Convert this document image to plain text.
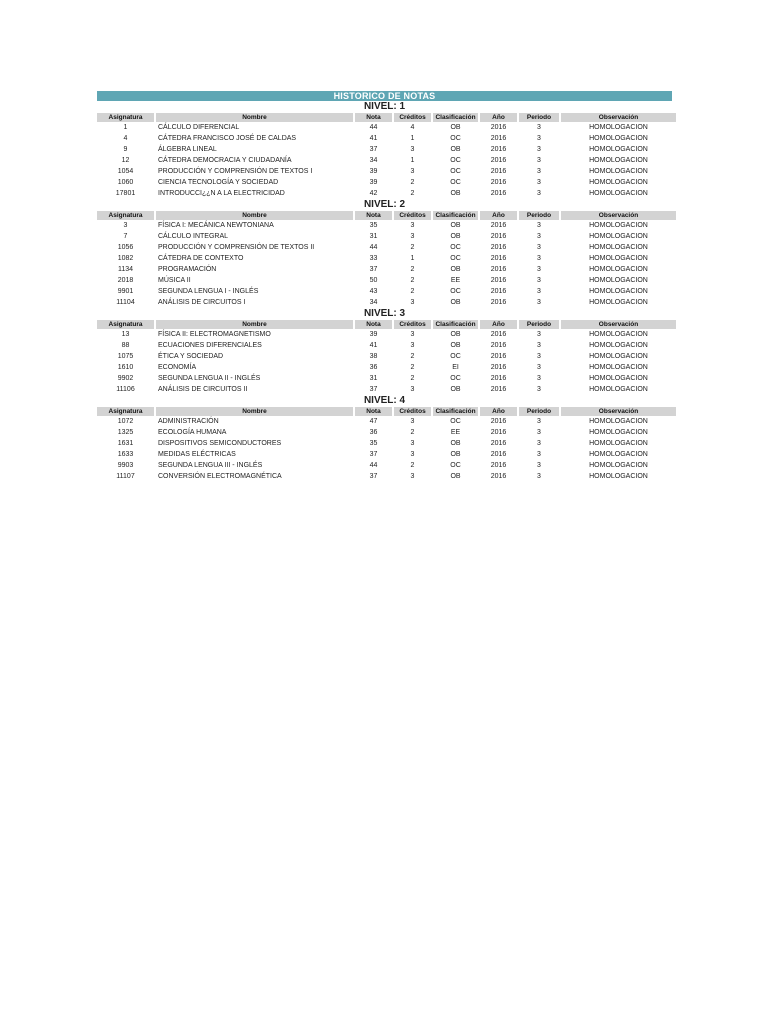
HISTORICO DE NOTAS
NIVEL: 1
Asignatura	Nombre	Nota	Créditos	Clasificación	Año	Periodo	Observación
1	CÁLCULO DIFERENCIAL	44	4	OB	2016	3	HOMOLOGACION
4	CÁTEDRA FRANCISCO JOSÉ DE CALDAS	41	1	OC	2016	3	HOMOLOGACION
9	ÁLGEBRA LINEAL	37	3	OB	2016	3	HOMOLOGACION
12	CÁTEDRA DEMOCRACIA Y CIUDADANÍA	34	1	OC	2016	3	HOMOLOGACION
1054	PRODUCCIÓN Y COMPRENSIÓN DE TEXTOS I	39	3	OC	2016	3	HOMOLOGACION
1060	CIENCIA TECNOLOGÍA Y SOCIEDAD	39	2	OC	2016	3	HOMOLOGACION
17801	INTRODUCCI¿¿N A LA ELECTRICIDAD	42	2	OB	2016	3	HOMOLOGACION
NIVEL: 2
Asignatura	Nombre	Nota	Créditos	Clasificación	Año	Periodo	Observación
3	FÍSICA I: MECÁNICA NEWTONIANA	35	3	OB	2016	3	HOMOLOGACION
7	CÁLCULO INTEGRAL	31	3	OB	2016	3	HOMOLOGACION
1056	PRODUCCIÓN Y COMPRENSIÓN DE TEXTOS II	44	2	OC	2016	3	HOMOLOGACION
1082	CÁTEDRA DE CONTEXTO	33	1	OC	2016	3	HOMOLOGACION
1134	PROGRAMACIÓN	37	2	OB	2016	3	HOMOLOGACION
2018	MÚSICA II	50	2	EE	2016	3	HOMOLOGACION
9901	SEGUNDA LENGUA I - INGLÉS	43	2	OC	2016	3	HOMOLOGACION
11104	ANÁLISIS DE CIRCUITOS I	34	3	OB	2016	3	HOMOLOGACION
NIVEL: 3
Asignatura	Nombre	Nota	Créditos	Clasificación	Año	Periodo	Observación
13	FÍSICA II: ELECTROMAGNETISMO	39	3	OB	2016	3	HOMOLOGACION
88	ECUACIONES DIFERENCIALES	41	3	OB	2016	3	HOMOLOGACION
1075	ÉTICA Y SOCIEDAD	38	2	OC	2016	3	HOMOLOGACION
1610	ECONOMÍA	36	2	EI	2016	3	HOMOLOGACION
9902	SEGUNDA LENGUA II - INGLÉS	31	2	OC	2016	3	HOMOLOGACION
11106	ANÁLISIS DE CIRCUITOS II	37	3	OB	2016	3	HOMOLOGACION
NIVEL: 4
Asignatura	Nombre	Nota	Créditos	Clasificación	Año	Periodo	Observación
1072	ADMINISTRACIÓN	47	3	OC	2016	3	HOMOLOGACION
1325	ECOLOGÍA HUMANA	36	2	EE	2016	3	HOMOLOGACION
1631	DISPOSITIVOS SEMICONDUCTORES	35	3	OB	2016	3	HOMOLOGACION
1633	MEDIDAS ELÉCTRICAS	37	3	OB	2016	3	HOMOLOGACION
9903	SEGUNDA LENGUA III - INGLÉS	44	2	OC	2016	3	HOMOLOGACION
11107	CONVERSIÓN ELECTROMAGNÉTICA	37	3	OB	2016	3	HOMOLOGACION
